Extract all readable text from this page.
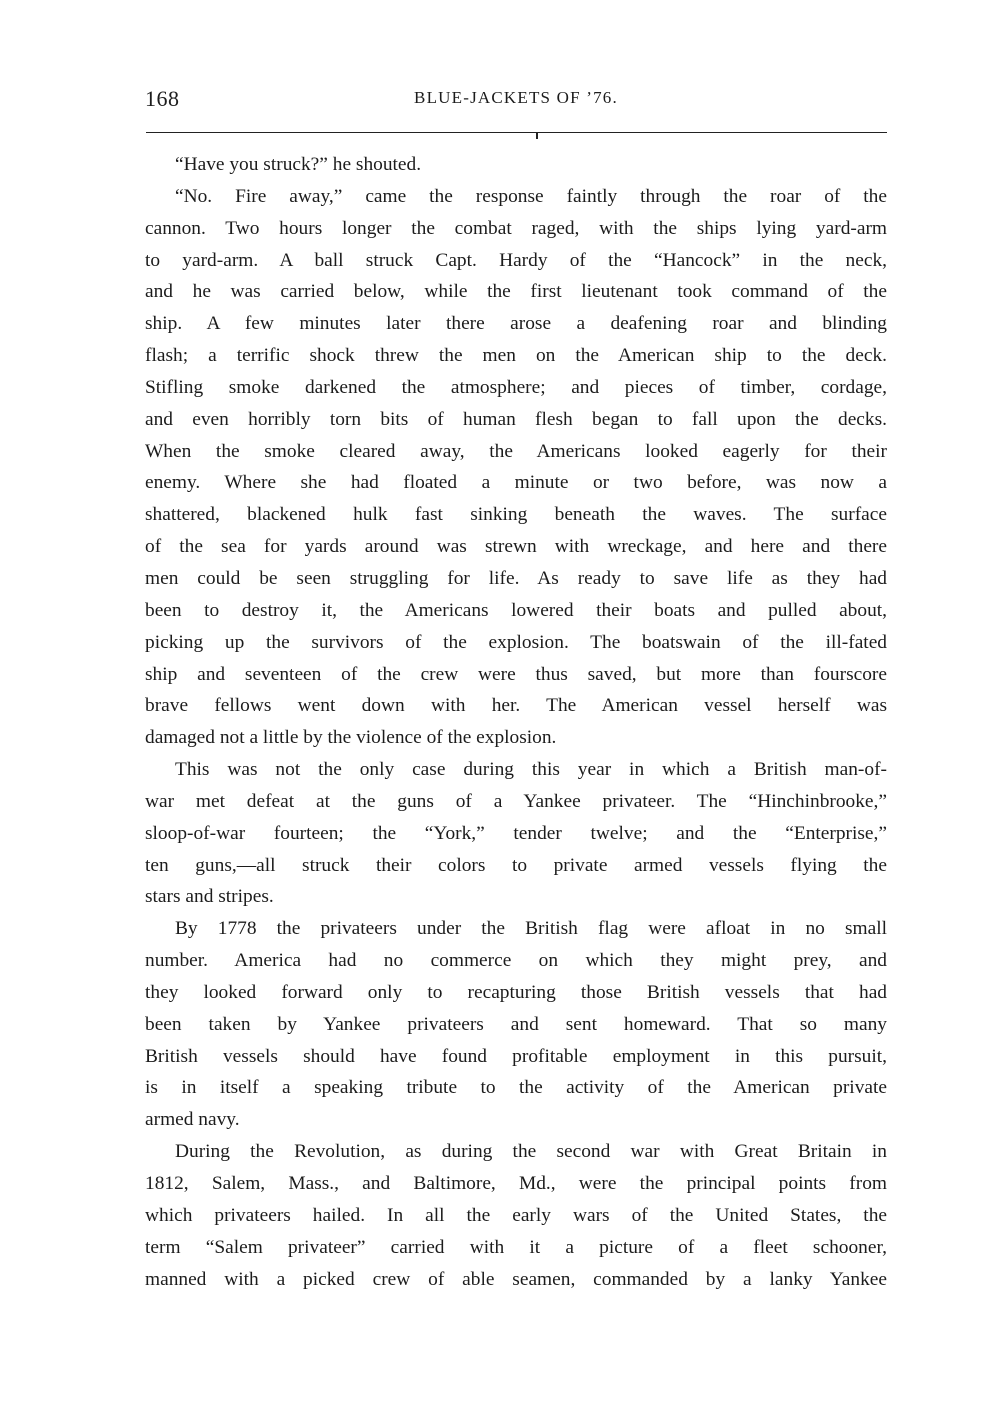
168	BLUE-JACKETS OF ’76.

“Have you struck?” he shouted.

“No. Fire away,” came the response faintly through the roar of the
cannon. Two hours longer the combat raged, with the ships lying yard-arm
to yard-arm. A ball struck Capt. Hardy of the “Hancock” in the neck,
and he was carried below, while the first lieutenant took command of the
ship. A few minutes later there arose a deafening roar and blinding
flash; a terrific shock threw the men on the American ship to the deck.
Stifling smoke darkened the atmosphere; and pieces of timber, cordage,
and even horribly torn bits of human flesh began to fall upon the decks.
When the smoke cleared away, the Americans looked eagerly for their
enemy. Where she had floated a minute or two before, was now a
shattered, blackened hulk fast sinking beneath the waves. The surface
of the sea for yards around was strewn with wreckage, and here and there
men could be seen struggling for life. As ready to save life as they had
been to destroy it, the Americans lowered their boats and pulled about,
picking up the survivors of the explosion. The boatswain of the ill-fated
ship and seventeen of the crew were thus saved, but more than fourscore
brave fellows went down with her. The American vessel herself was
damaged not a little by the violence of the explosion.

This was not the only case during this year in which a British man-of-
war met defeat at the guns of a Yankee privateer. The “Hinchinbrooke,”
sloop-of-war fourteen; the “York,” tender twelve; and the “Enterprise,”
ten guns,—all struck their colors to private armed vessels flying the
stars and stripes.

By 1778 the privateers under the British flag were afloat in no small
number. America had no commerce on which they might prey, and
they looked forward only to recapturing those British vessels that had
been taken by Yankee privateers and sent homeward. That so many
British vessels should have found profitable employment in this pursuit,
is in itself a speaking tribute to the activity of the American private
armed navy.

During the Revolution, as during the second war with Great Britain in
1812, Salem, Mass., and Baltimore, Md., were the principal points from
which privateers hailed. In all the early wars of the United States, the
term “Salem privateer” carried with it a picture of a fleet schooner,
manned with a picked crew of able seamen, commanded by a lanky Yankee
